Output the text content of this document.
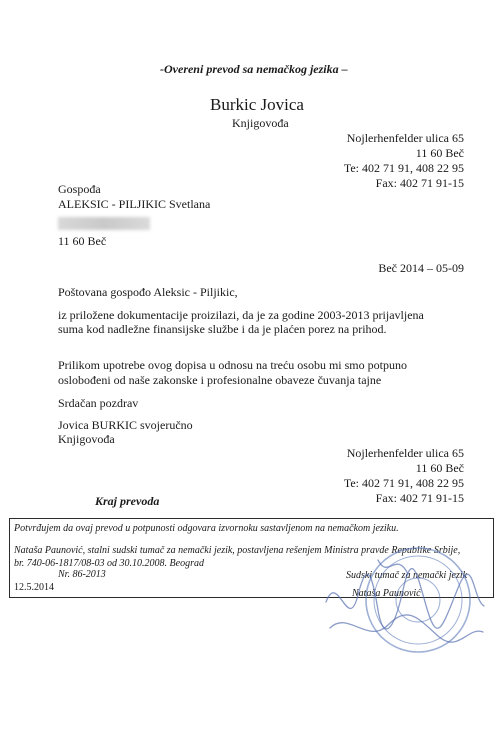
-Overeni prevod sa nemačkog jezika –
Burkic Jovica
Knjigovođa
Nojlerhenfelder ulica 65
11 60 Beč
Te: 402 71 91, 408 22 95
Fax: 402 71 91-15
Gospođa
ALEKSIC - PILJIKIC Svetlana
11 60 Beč
Beč 2014 – 05-09
Poštovana gospođo Aleksic - Piljikic,
iz priložene dokumentacije proizilazi, da je za godine 2003-2013 prijavljena
suma kod nadležne finansijske službe i da je plaćen porez na prihod.
Prilikom upotrebe ovog dopisa u odnosu na treću osobu mi smo potpuno
oslobođeni od naše zakonske i profesionalne obaveze čuvanja tajne
Srdačan pozdrav
Jovica BURKIC svojeručno
Knjigovođa
Nojlerhenfelder ulica 65
11 60 Beč
Te: 402 71 91, 408 22 95
Fax: 402 71 91-15
Kraj prevoda
Potvrđujem da ovaj prevod u potpunosti odgovara izvornoku sastavljenom na nemačkom jeziku.
Nataša Paunović, stalni sudski tumač za nemački jezik, postavljena rešenjem Ministra pravde Republike Srbije,
br. 740-06-1817/08-03 od 30.10.2008. Beograd
Nr. 86-2013
12.5.2014
Sudski tumač za nemački jezik
Nataša Paunović
